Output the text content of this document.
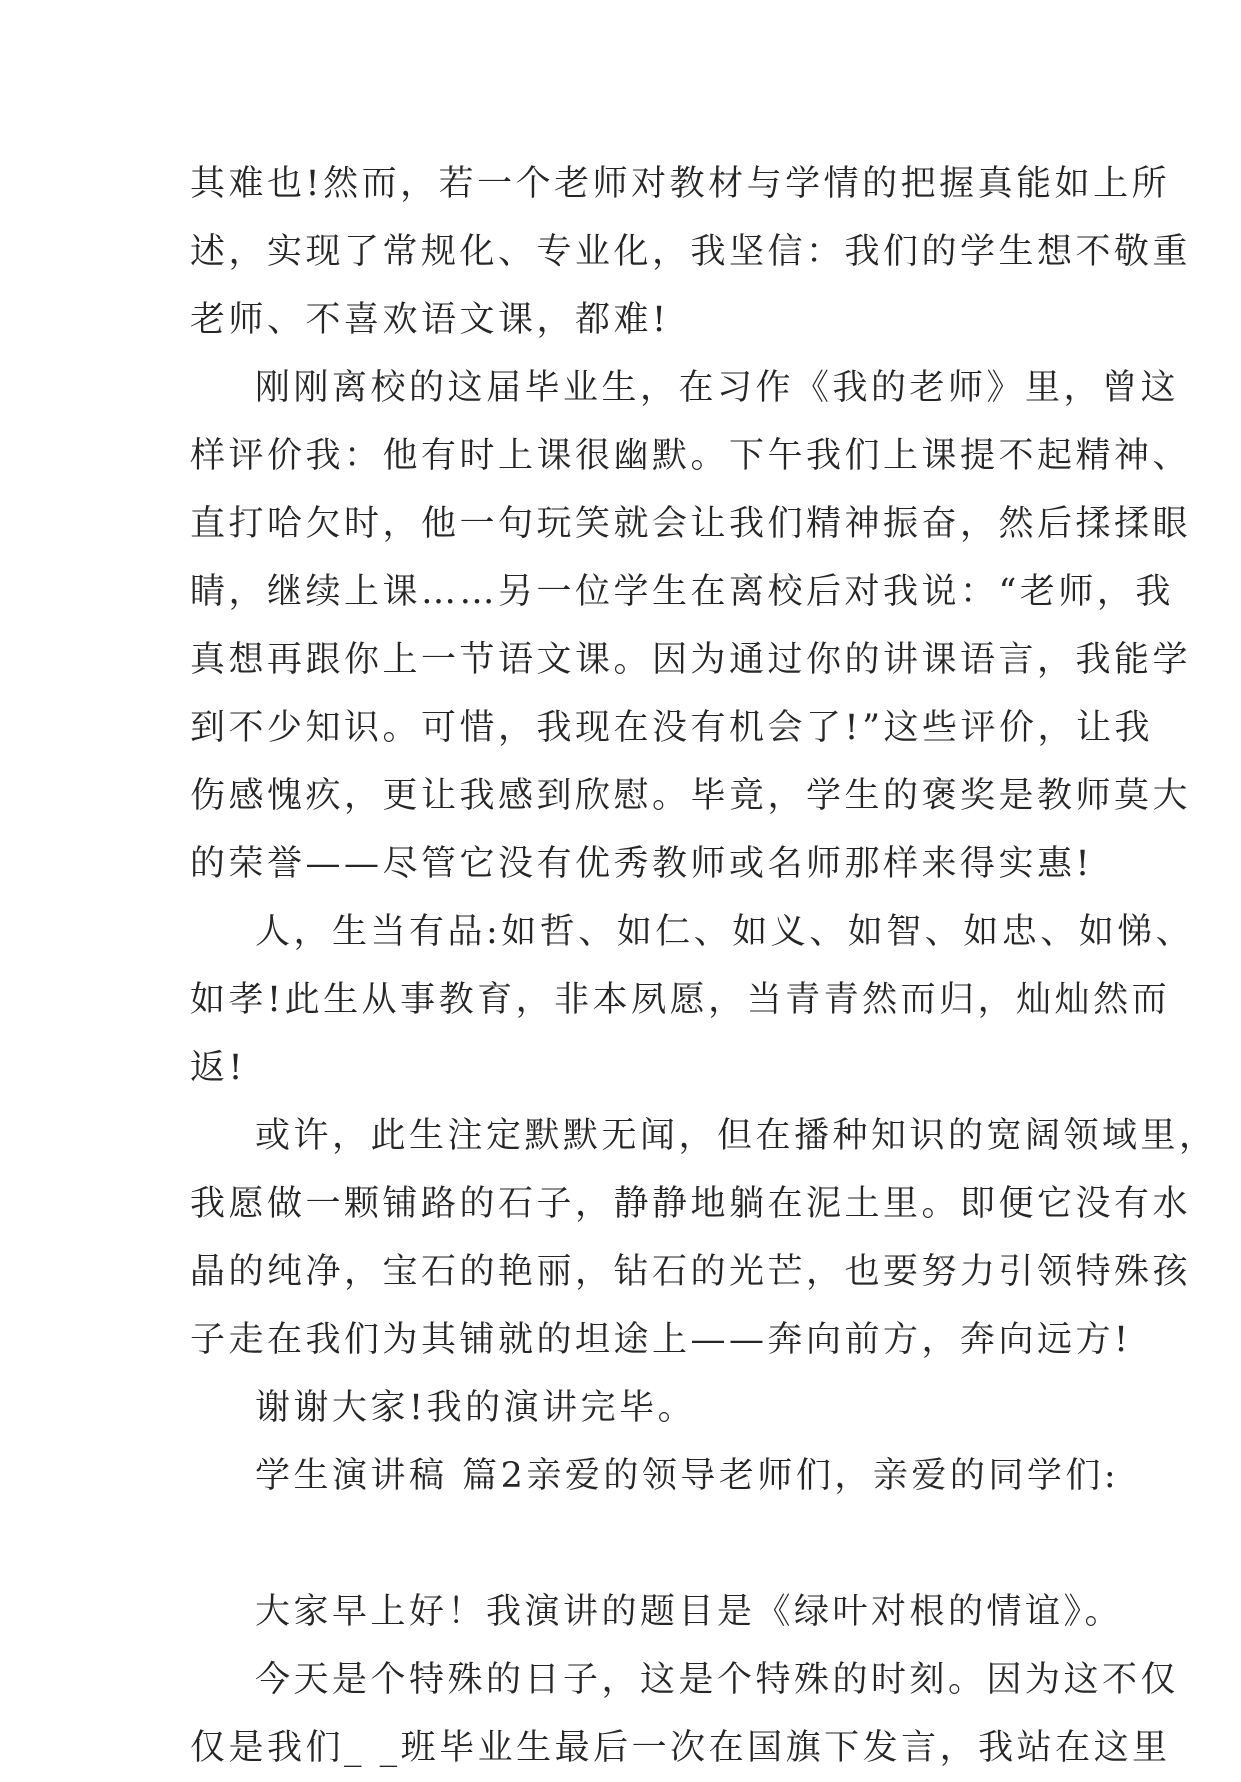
其难也!然而，若一个老师对教材与学情的把握真能如上所
述，实现了常规化、专业化，我坚信：我们的学生想不敬重
老师、不喜欢语文课，都难!
刚刚离校的这届毕业生，在习作《我的老师》里，曾这
样评价我：他有时上课很幽默。下午我们上课提不起精神、
直打哈欠时，他一句玩笑就会让我们精神振奋，然后揉揉眼
睛，继续上课……另一位学生在离校后对我说：“老师，我
真想再跟你上一节语文课。因为通过你的讲课语言，我能学
到不少知识。可惜，我现在没有机会了!”这些评价，让我
伤感愧疚，更让我感到欣慰。毕竟，学生的褒奖是教师莫大
的荣誉——尽管它没有优秀教师或名师那样来得实惠!
人，生当有品:如哲、如仁、如义、如智、如忠、如悌、
如孝!此生从事教育，非本夙愿，当青青然而归，灿灿然而
返!
或许，此生注定默默无闻，但在播种知识的宽阔领域里，
我愿做一颗铺路的石子，静静地躺在泥土里。即便它没有水
晶的纯净，宝石的艳丽，钻石的光芒，也要努力引领特殊孩
子走在我们为其铺就的坦途上——奔向前方，奔向远方!
谢谢大家!我的演讲完毕。
学生演讲稿 篇2亲爱的领导老师们，亲爱的同学们:
大家早上好！我演讲的题目是《绿叶对根的情谊》。
今天是个特殊的日子，这是个特殊的时刻。因为这不仅
仅是我们_ _班毕业生最后一次在国旗下发言，我站在这里
